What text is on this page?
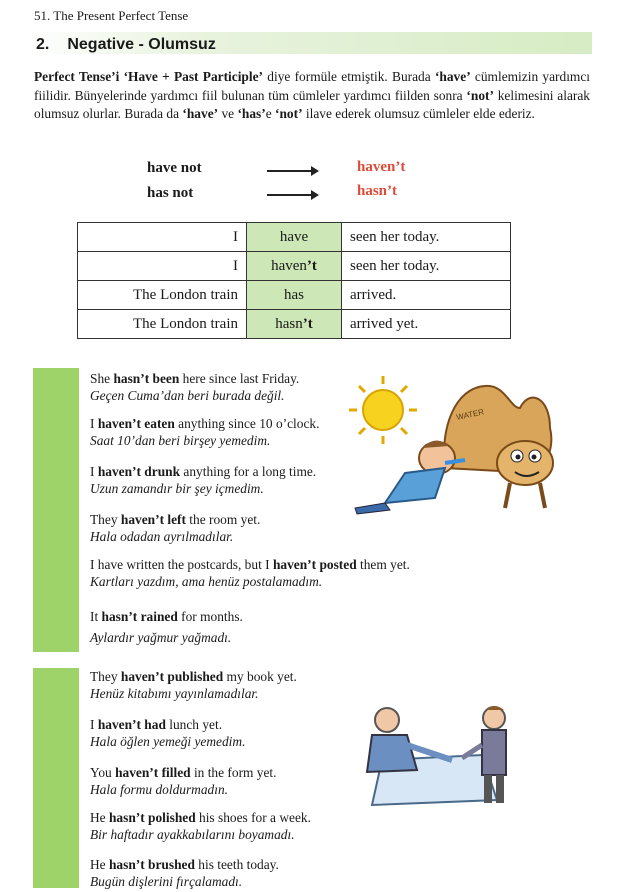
51. The Present Perfect Tense
2. Negative - Olumsuz
Perfect Tense’i ‘Have + Past Participle’ diye formüle etmiştik. Burada ‘have’ cümlemizin yardımcı fiilidir. Bünyelerinde yardımcı fiil bulunan tüm cümleler yardımcı fiilden sonra ‘not’ kelimesini alarak olumsuz olurlar. Burada da ‘have’ ve ‘has’e ‘not’ ilave ederek olumsuz cümleler elde ederiz.
have not	haven’t
has not	hasn’t
I	have	seen her today.
I	haven’t	seen her today.
The London train	has	arrived.
The London train	hasn’t	arrived yet.
She hasn’t been here since last Friday.
Geçen Cuma’dan beri burada değil.
I haven’t eaten anything since 10 o’clock.
Saat 10’dan beri birşey yemedim.
I haven’t drunk anything for a long time.
Uzun zamandır bir şey içmedim.
They haven’t left the room yet.
Hala odadan ayrılmadılar.
I have written the postcards, but I haven’t posted them yet.
Kartları yazdım, ama henüz postalamadım.
It hasn’t rained for months.
Aylardır yağmur yağmadı.
They haven’t published my book yet.
Henüz kitabımı yayınlamadılar.
I haven’t had lunch yet.
Hala öğlen yemeği yemedim.
You haven’t filled in the form yet.
Hala formu doldurmadın.
He hasn’t polished his shoes for a week.
Bir haftadır ayakkabılarını boyamadı.
He hasn’t brushed his teeth today.
Bugün dişlerini fırçalamadı.
WATER
